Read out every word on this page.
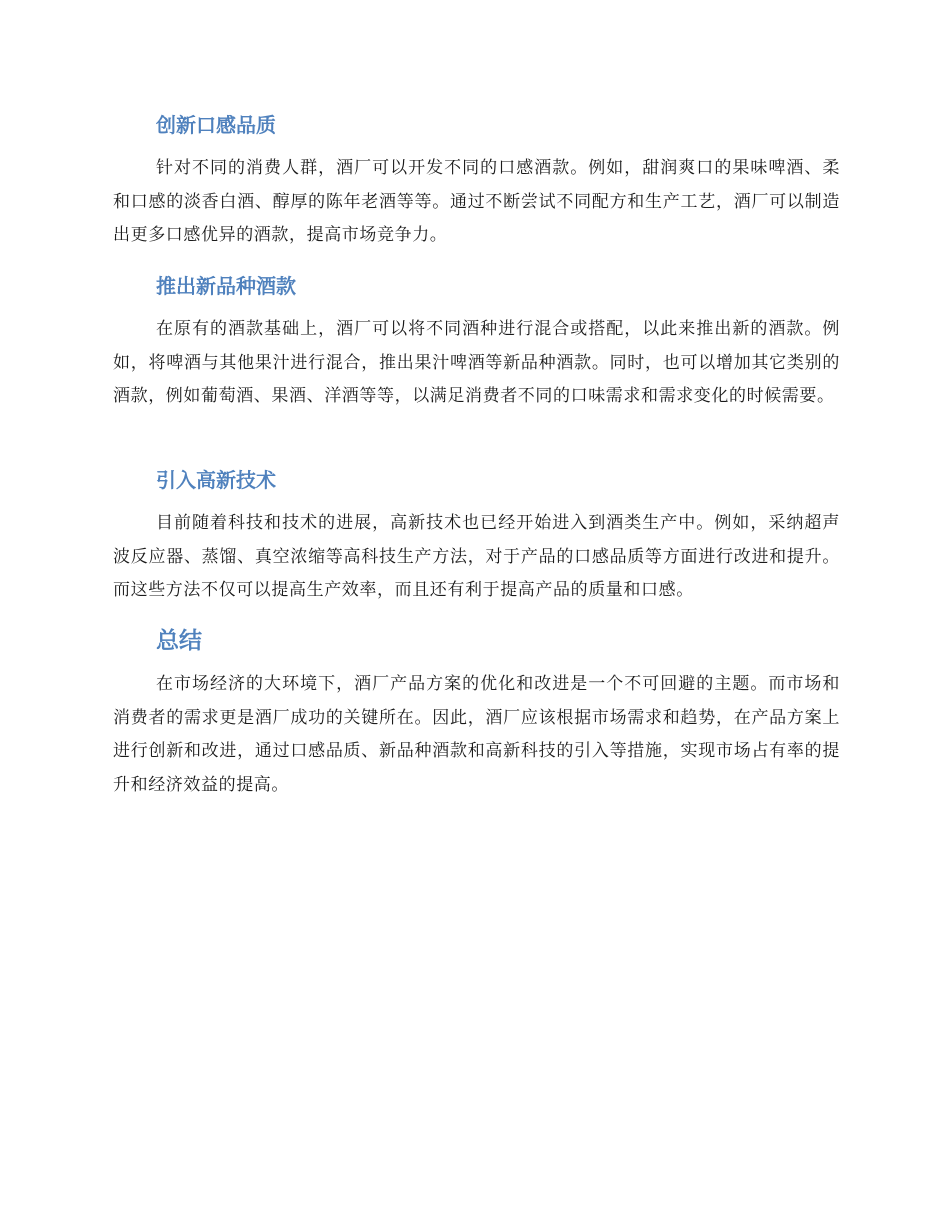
创新口感品质

针对不同的消费人群，酒厂可以开发不同的口感酒款。例如，甜润爽口的果味啤酒、柔和口感的淡香白酒、醇厚的陈年老酒等等。通过不断尝试不同配方和生产工艺，酒厂可以制造出更多口感优异的酒款，提高市场竞争力。

推出新品种酒款

在原有的酒款基础上，酒厂可以将不同酒种进行混合或搭配，以此来推出新的酒款。例如，将啤酒与其他果汁进行混合，推出果汁啤酒等新品种酒款。同时，也可以增加其它类别的酒款，例如葡萄酒、果酒、洋酒等等，以满足消费者不同的口味需求和需求变化的时候需要。

引入高新技术

目前随着科技和技术的进展，高新技术也已经开始进入到酒类生产中。例如，采纳超声波反应器、蒸馏、真空浓缩等高科技生产方法，对于产品的口感品质等方面进行改进和提升。而这些方法不仅可以提高生产效率，而且还有利于提高产品的质量和口感。

总结

在市场经济的大环境下，酒厂产品方案的优化和改进是一个不可回避的主题。而市场和消费者的需求更是酒厂成功的关键所在。因此，酒厂应该根据市场需求和趋势，在产品方案上进行创新和改进，通过口感品质、新品种酒款和高新科技的引入等措施，实现市场占有率的提升和经济效益的提高。
